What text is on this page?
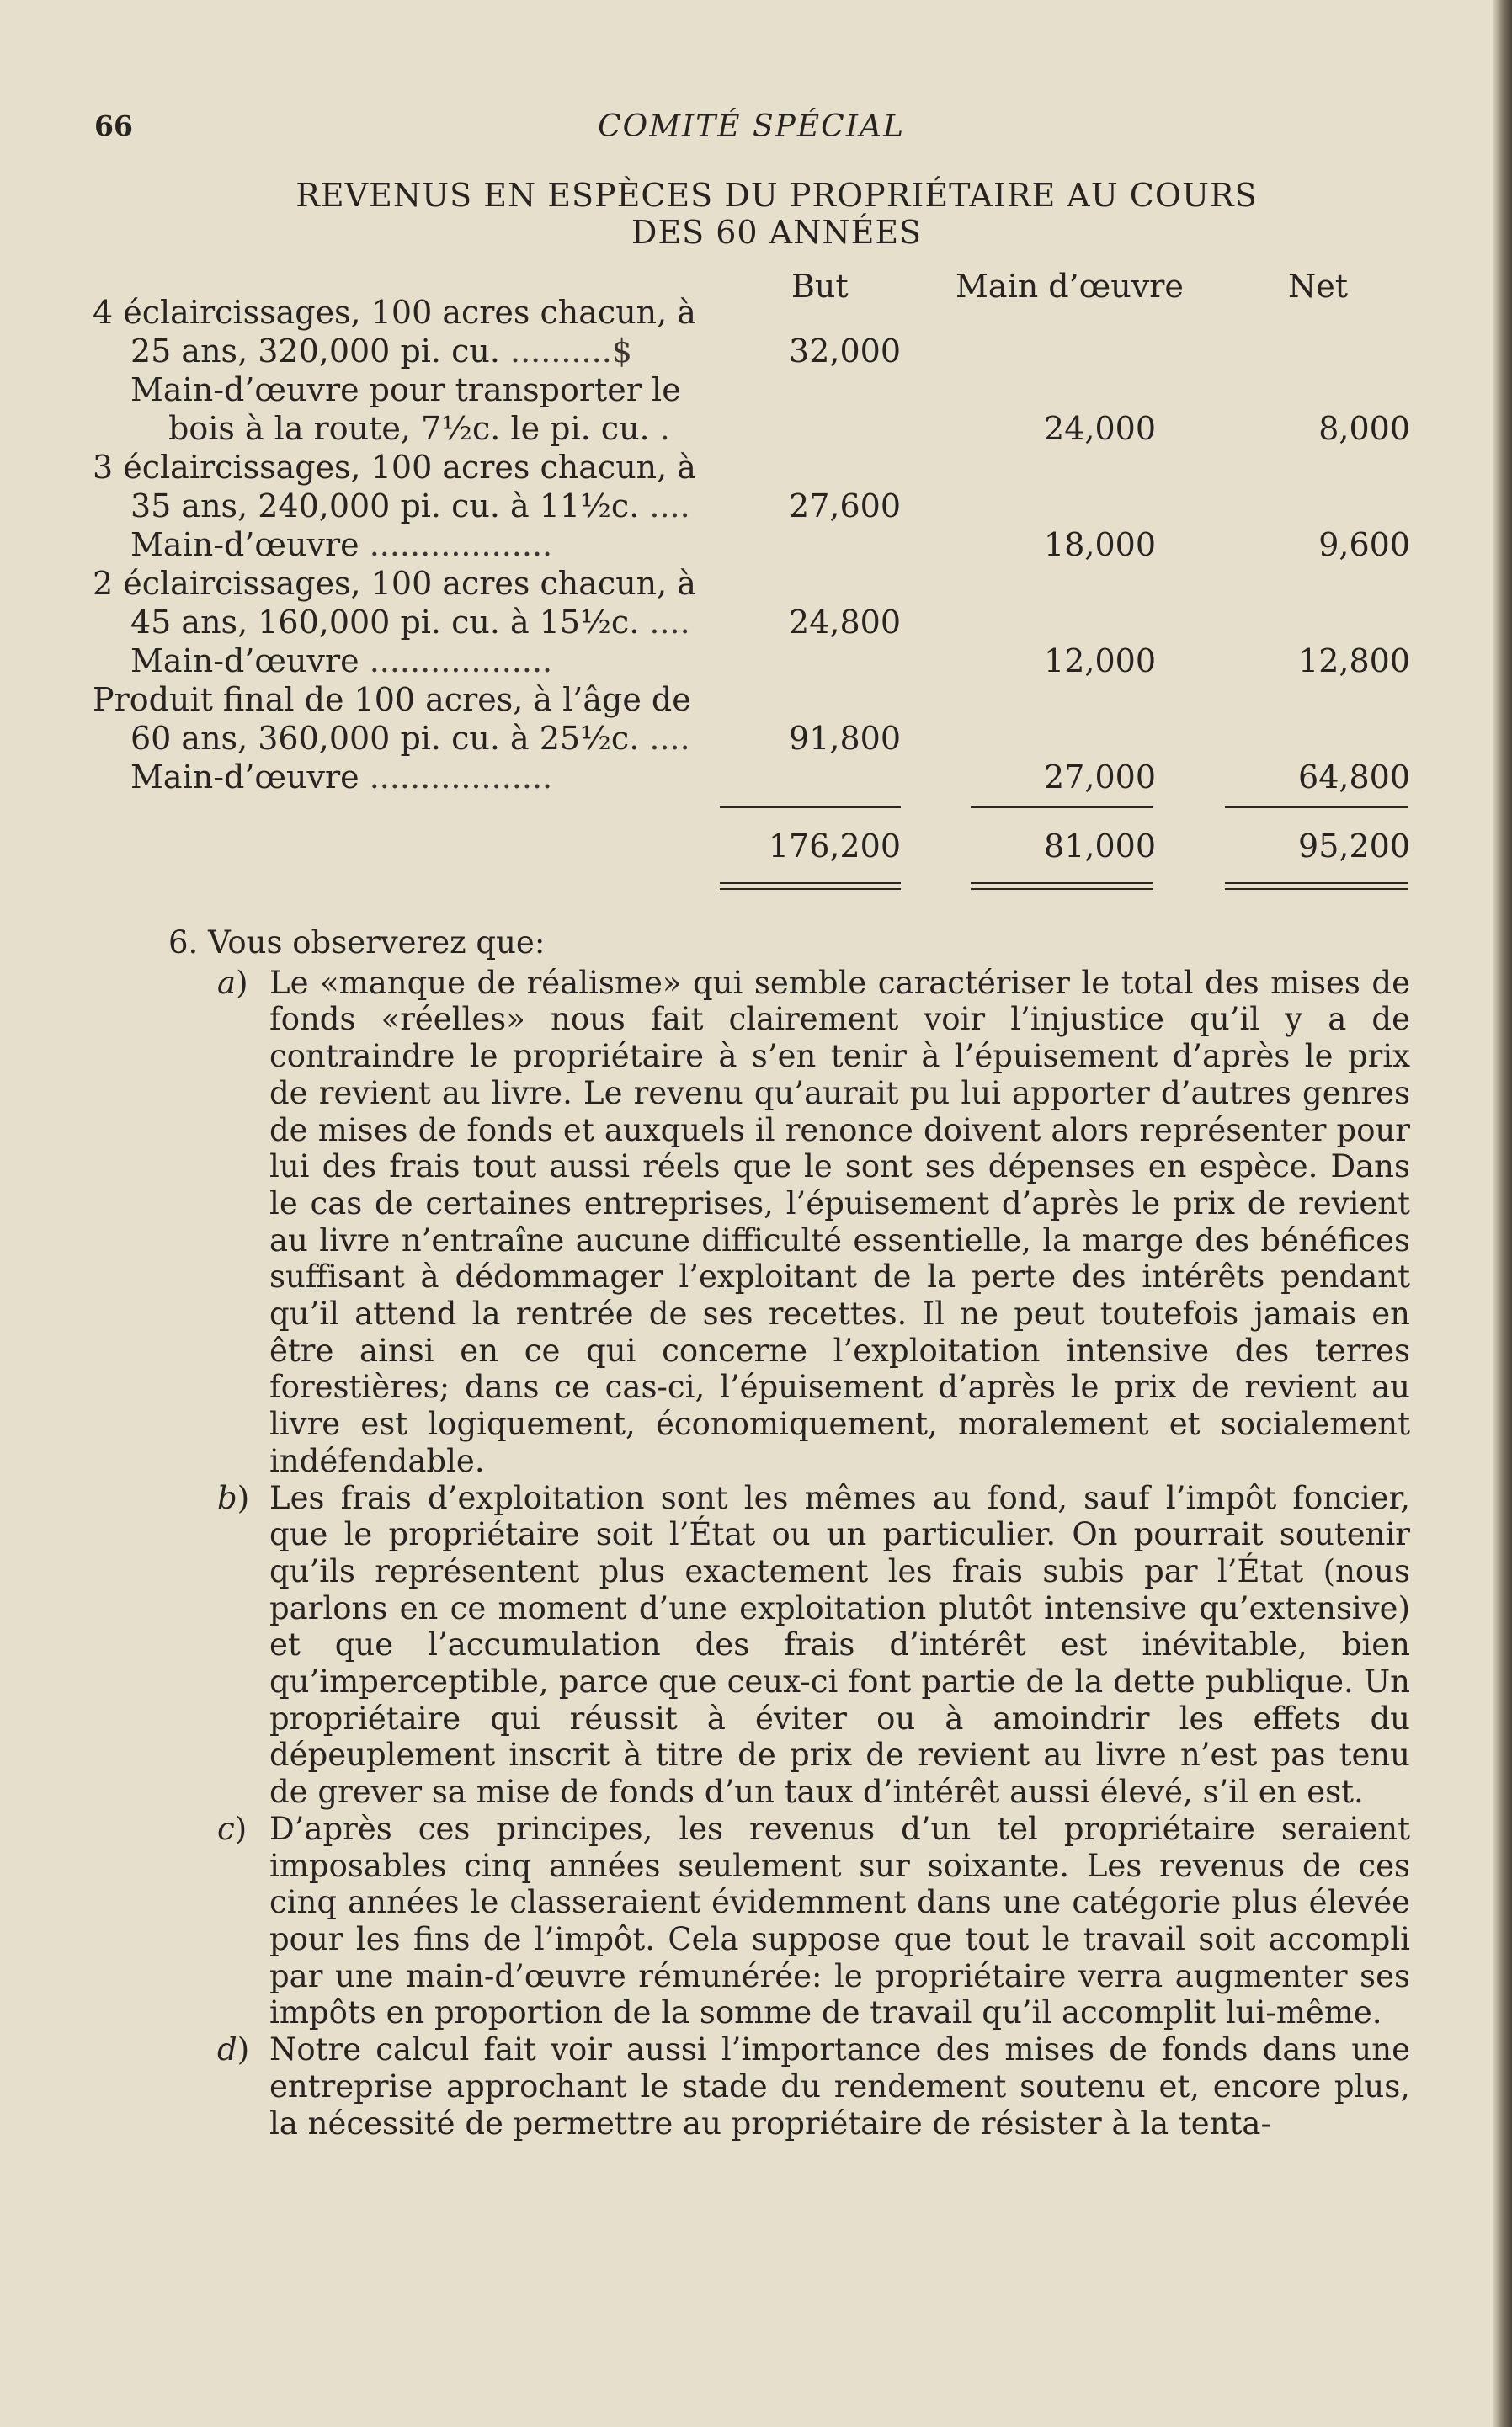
66	COMITÉ SPÉCIAL
REVENUS EN ESPÈCES DU PROPRIÉTAIRE AU COURS
DES 60 ANNÉES
But	Main d’œuvre	Net
4 éclaircissages, 100 acres chacun, à
25 ans, 320,000 pi. cu. ..........$	32,000
Main-d’œuvre pour transporter le
bois à la route, 7½c. le pi. cu. .	24,000	8,000
3 éclaircissages, 100 acres chacun, à
35 ans, 240,000 pi. cu. à 11½c. ....	27,600
Main-d’œuvre ..................	18,000	9,600
2 éclaircissages, 100 acres chacun, à
45 ans, 160,000 pi. cu. à 15½c. ....	24,800
Main-d’œuvre ..................	12,000	12,800
Produit final de 100 acres, à l’âge de
60 ans, 360,000 pi. cu. à 25½c. ....	91,800
Main-d’œuvre ..................	27,000	64,800
176,200	81,000	95,200
6. Vous observerez que:
a) Le «manque de réalisme» qui semble caractériser le total des mises de fonds «réelles» nous fait clairement voir l’injustice qu’il y a de contraindre le propriétaire à s’en tenir à l’épuisement d’après le prix de revient au livre. Le revenu qu’aurait pu lui apporter d’autres genres de mises de fonds et auxquels il renonce doivent alors représenter pour lui des frais tout aussi réels que le sont ses dépenses en espèce. Dans le cas de certaines entreprises, l’épuisement d’après le prix de revient au livre n’entraîne aucune difficulté essentielle, la marge des bénéfices suffisant à dédommager l’exploitant de la perte des intérêts pendant qu’il attend la rentrée de ses recettes. Il ne peut toutefois jamais en être ainsi en ce qui concerne l’exploitation intensive des terres forestières; dans ce cas-ci, l’épuisement d’après le prix de revient au livre est logiquement, économiquement, moralement et socialement indéfendable.
b) Les frais d’exploitation sont les mêmes au fond, sauf l’impôt foncier, que le propriétaire soit l’État ou un particulier. On pourrait soutenir qu’ils représentent plus exactement les frais subis par l’État (nous parlons en ce moment d’une exploitation plutôt intensive qu’extensive) et que l’accumulation des frais d’intérêt est inévitable, bien qu’imperceptible, parce que ceux-ci font partie de la dette publique. Un propriétaire qui réussit à éviter ou à amoindrir les effets du dépeuplement inscrit à titre de prix de revient au livre n’est pas tenu de grever sa mise de fonds d’un taux d’intérêt aussi élevé, s’il en est.
c) D’après ces principes, les revenus d’un tel propriétaire seraient imposables cinq années seulement sur soixante. Les revenus de ces cinq années le classeraient évidemment dans une catégorie plus élevée pour les fins de l’impôt. Cela suppose que tout le travail soit accompli par une main-d’œuvre rémunérée: le propriétaire verra augmenter ses impôts en proportion de la somme de travail qu’il accomplit lui-même.
d) Notre calcul fait voir aussi l’importance des mises de fonds dans une entreprise approchant le stade du rendement soutenu et, encore plus, la nécessité de permettre au propriétaire de résister à la tenta-
